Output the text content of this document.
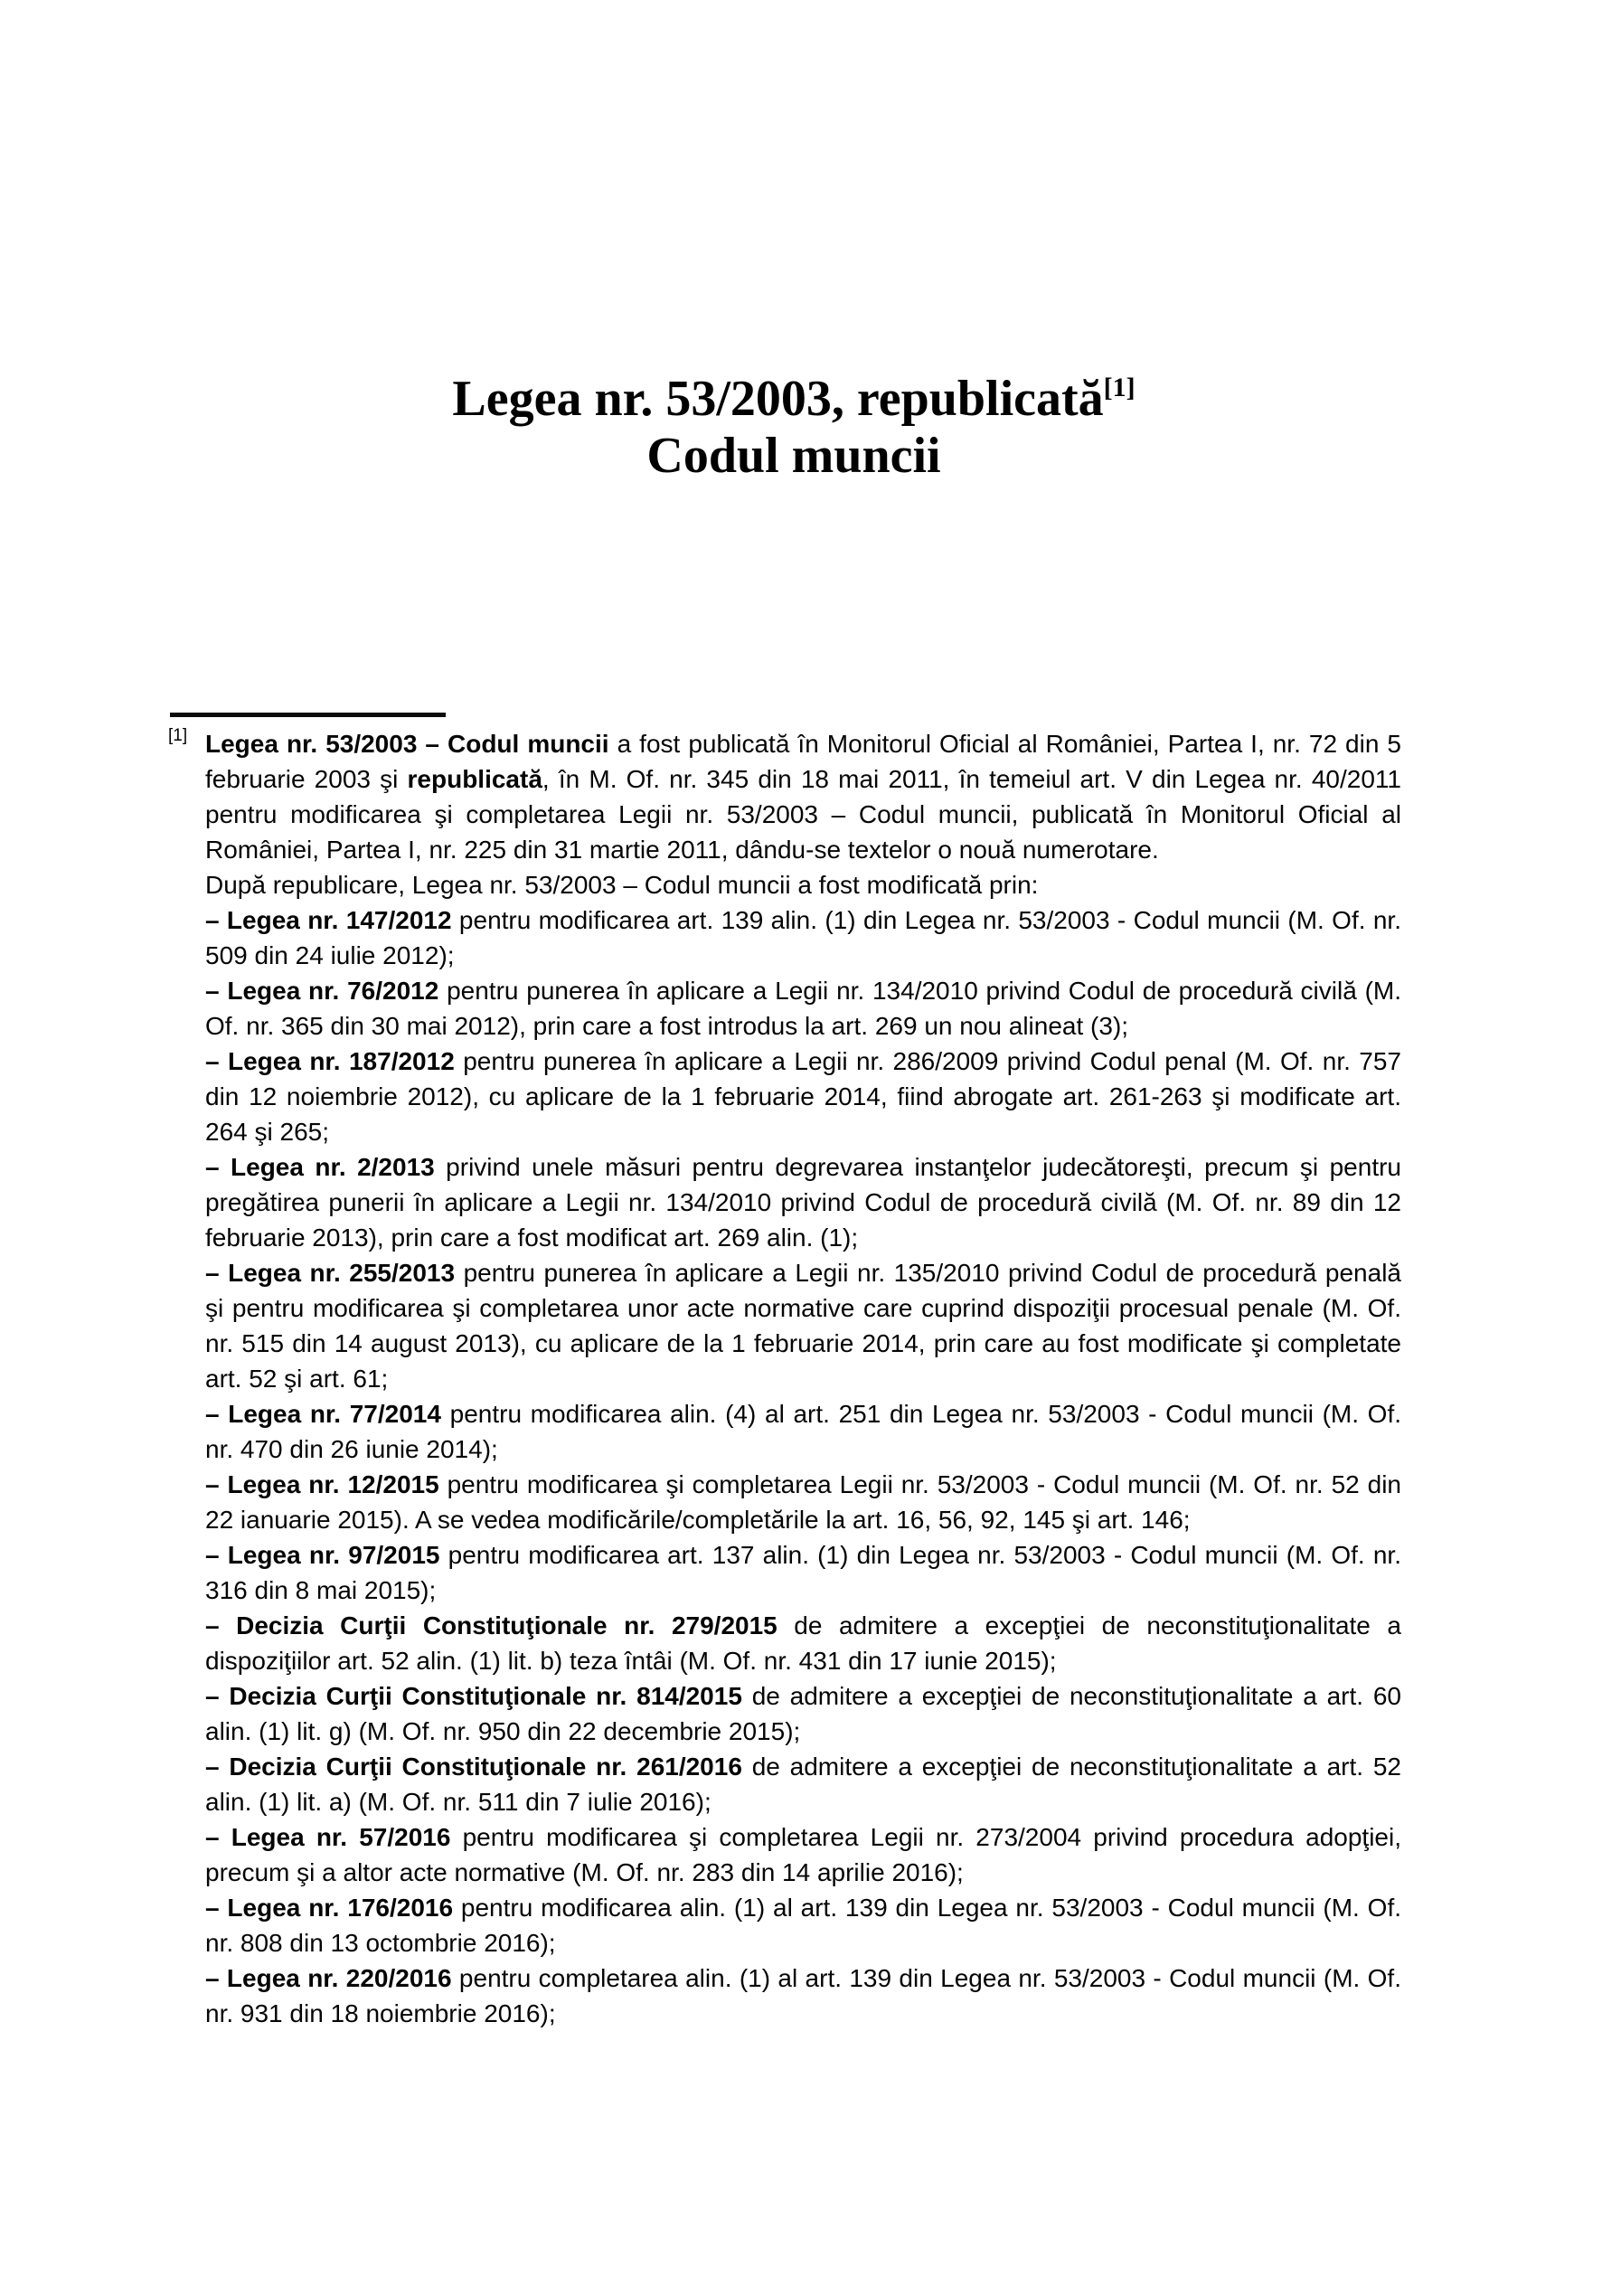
Legea nr. 53/2003, republicată[1]
Codul muncii

[1] Legea nr. 53/2003 – Codul muncii a fost publicată în Monitorul Oficial al României, Partea I, nr. 72 din 5 februarie 2003 şi republicată, în M. Of. nr. 345 din 18 mai 2011, în temeiul art. V din Legea nr. 40/2011 pentru modificarea şi completarea Legii nr. 53/2003 – Codul muncii, publicată în Monitorul Oficial al României, Partea I, nr. 225 din 31 martie 2011, dându-se textelor o nouă numerotare.

După republicare, Legea nr. 53/2003 – Codul muncii a fost modificată prin:

– Legea nr. 147/2012 pentru modificarea art. 139 alin. (1) din Legea nr. 53/2003 - Codul muncii (M. Of. nr. 509 din 24 iulie 2012);

– Legea nr. 76/2012 pentru punerea în aplicare a Legii nr. 134/2010 privind Codul de procedură civilă (M. Of. nr. 365 din 30 mai 2012), prin care a fost introdus la art. 269 un nou alineat (3);

– Legea nr. 187/2012 pentru punerea în aplicare a Legii nr. 286/2009 privind Codul penal (M. Of. nr. 757 din 12 noiembrie 2012), cu aplicare de la 1 februarie 2014, fiind abrogate art. 261-263 şi modificate art. 264 şi 265;

– Legea nr. 2/2013 privind unele măsuri pentru degrevarea instanţelor judecătoreşti, precum şi pentru pregătirea punerii în aplicare a Legii nr. 134/2010 privind Codul de procedură civilă (M. Of. nr. 89 din 12 februarie 2013), prin care a fost modificat art. 269 alin. (1);

– Legea nr. 255/2013 pentru punerea în aplicare a Legii nr. 135/2010 privind Codul de procedură penală şi pentru modificarea şi completarea unor acte normative care cuprind dispoziţii procesual penale (M. Of. nr. 515 din 14 august 2013), cu aplicare de la 1 februarie 2014, prin care au fost modificate şi completate art. 52 şi art. 61;

– Legea nr. 77/2014 pentru modificarea alin. (4) al art. 251 din Legea nr. 53/2003 - Codul muncii (M. Of. nr. 470 din 26 iunie 2014);

– Legea nr. 12/2015 pentru modificarea şi completarea Legii nr. 53/2003 - Codul muncii (M. Of. nr. 52 din 22 ianuarie 2015). A se vedea modificările/completările la art. 16, 56, 92, 145 şi art. 146;

– Legea nr. 97/2015 pentru modificarea art. 137 alin. (1) din Legea nr. 53/2003 - Codul muncii (M. Of. nr. 316 din 8 mai 2015);

– Decizia Curţii Constituţionale nr. 279/2015 de admitere a excepţiei de neconstituţionalitate a dispoziţiilor art. 52 alin. (1) lit. b) teza întâi (M. Of. nr. 431 din 17 iunie 2015);

– Decizia Curţii Constituţionale nr. 814/2015 de admitere a excepţiei de neconstituţionalitate a art. 60 alin. (1) lit. g) (M. Of. nr. 950 din 22 decembrie 2015);

– Decizia Curţii Constituţionale nr. 261/2016 de admitere a excepţiei de neconstituţionalitate a art. 52 alin. (1) lit. a) (M. Of. nr. 511 din 7 iulie 2016);

– Legea nr. 57/2016 pentru modificarea şi completarea Legii nr. 273/2004 privind procedura adopţiei, precum şi a altor acte normative (M. Of. nr. 283 din 14 aprilie 2016);

– Legea nr. 176/2016 pentru modificarea alin. (1) al art. 139 din Legea nr. 53/2003 - Codul muncii (M. Of. nr. 808 din 13 octombrie 2016);

– Legea nr. 220/2016 pentru completarea alin. (1) al art. 139 din Legea nr. 53/2003 - Codul muncii (M. Of. nr. 931 din 18 noiembrie 2016);
